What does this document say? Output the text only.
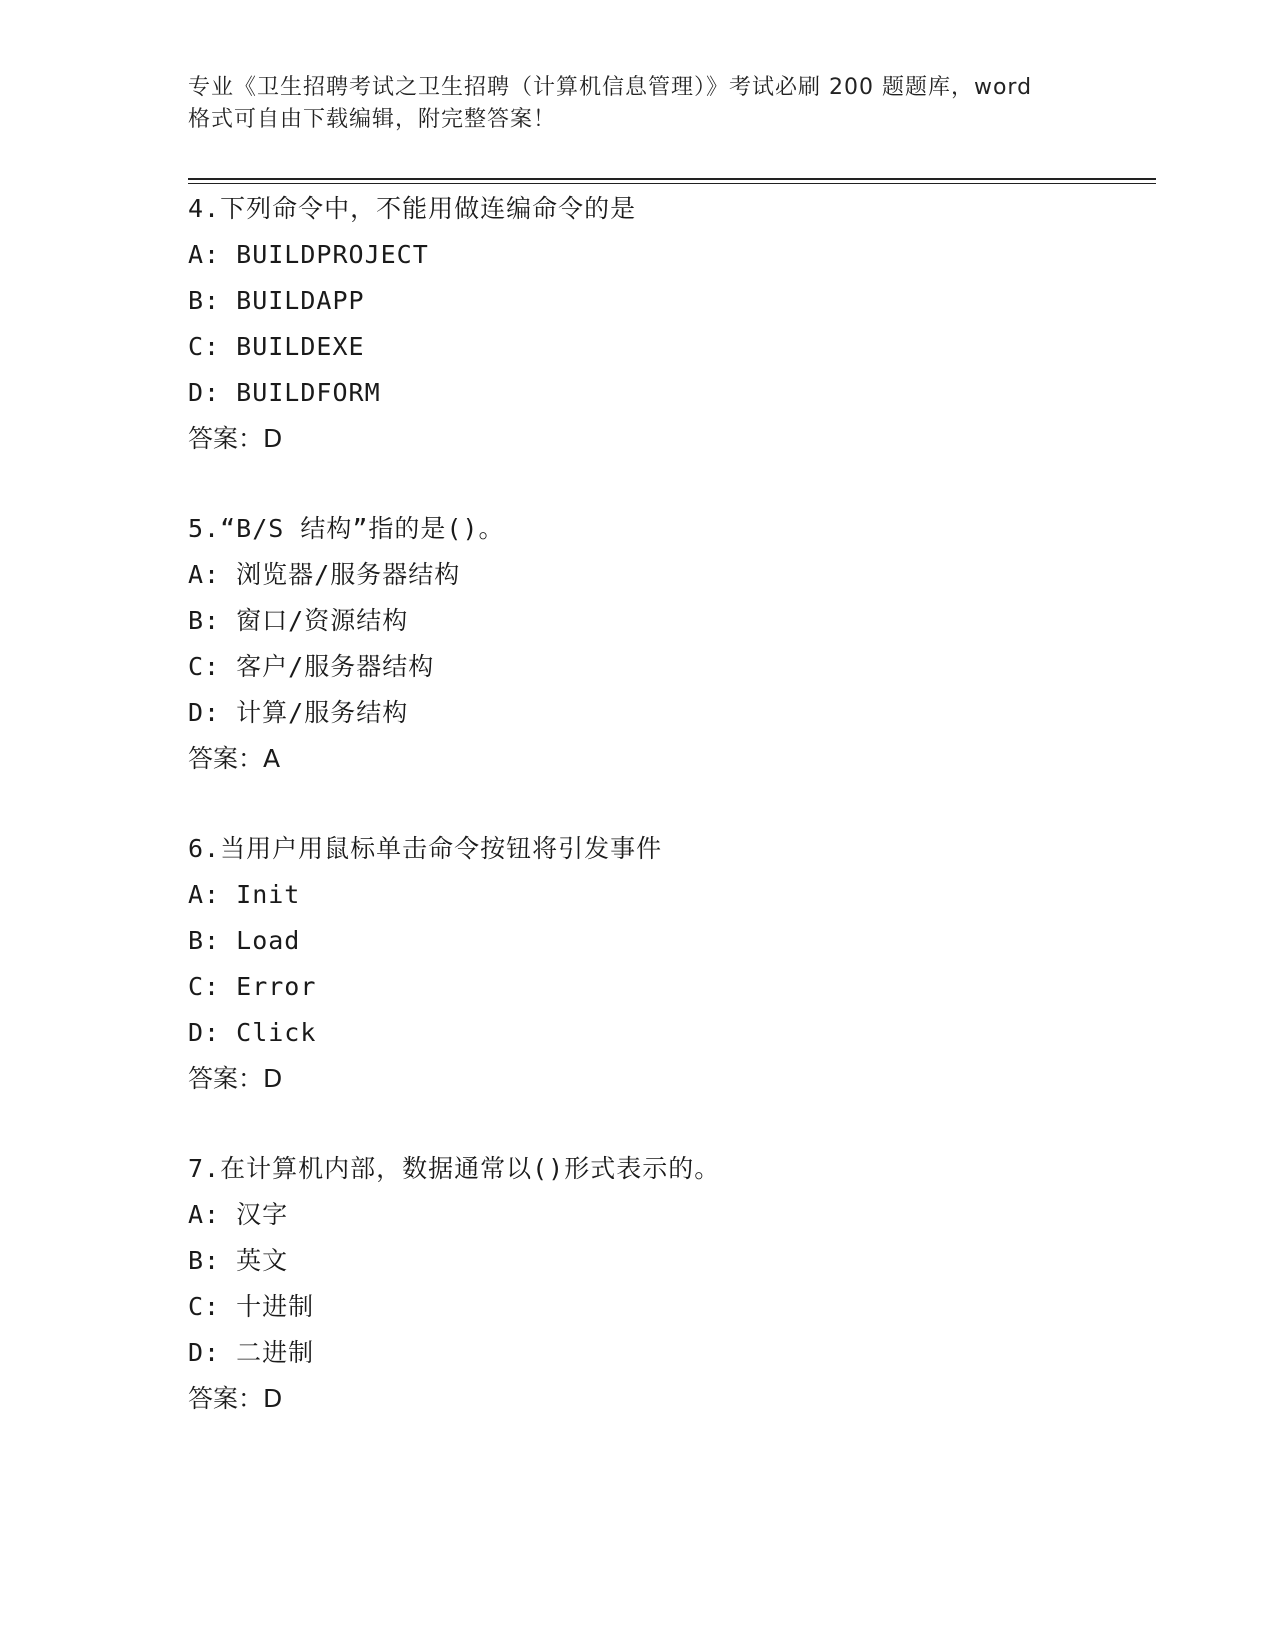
专业《卫生招聘考试之卫生招聘（计算机信息管理）》考试必刷 200 题题库，word
格式可自由下载编辑，附完整答案！
4.下列命令中，不能用做连编命令的是
A: BUILDPROJECT
B: BUILDAPP
C: BUILDEXE
D: BUILDFORM
答案：D
5.“B/S 结构”指的是()。
A: 浏览器/服务器结构
B: 窗口/资源结构
C: 客户/服务器结构
D: 计算/服务结构
答案：A
6.当用户用鼠标单击命令按钮将引发事件
A: Init
B: Load
C: Error
D: Click
答案：D
7.在计算机内部，数据通常以()形式表示的。
A: 汉字
B: 英文
C: 十进制
D: 二进制
答案：D
